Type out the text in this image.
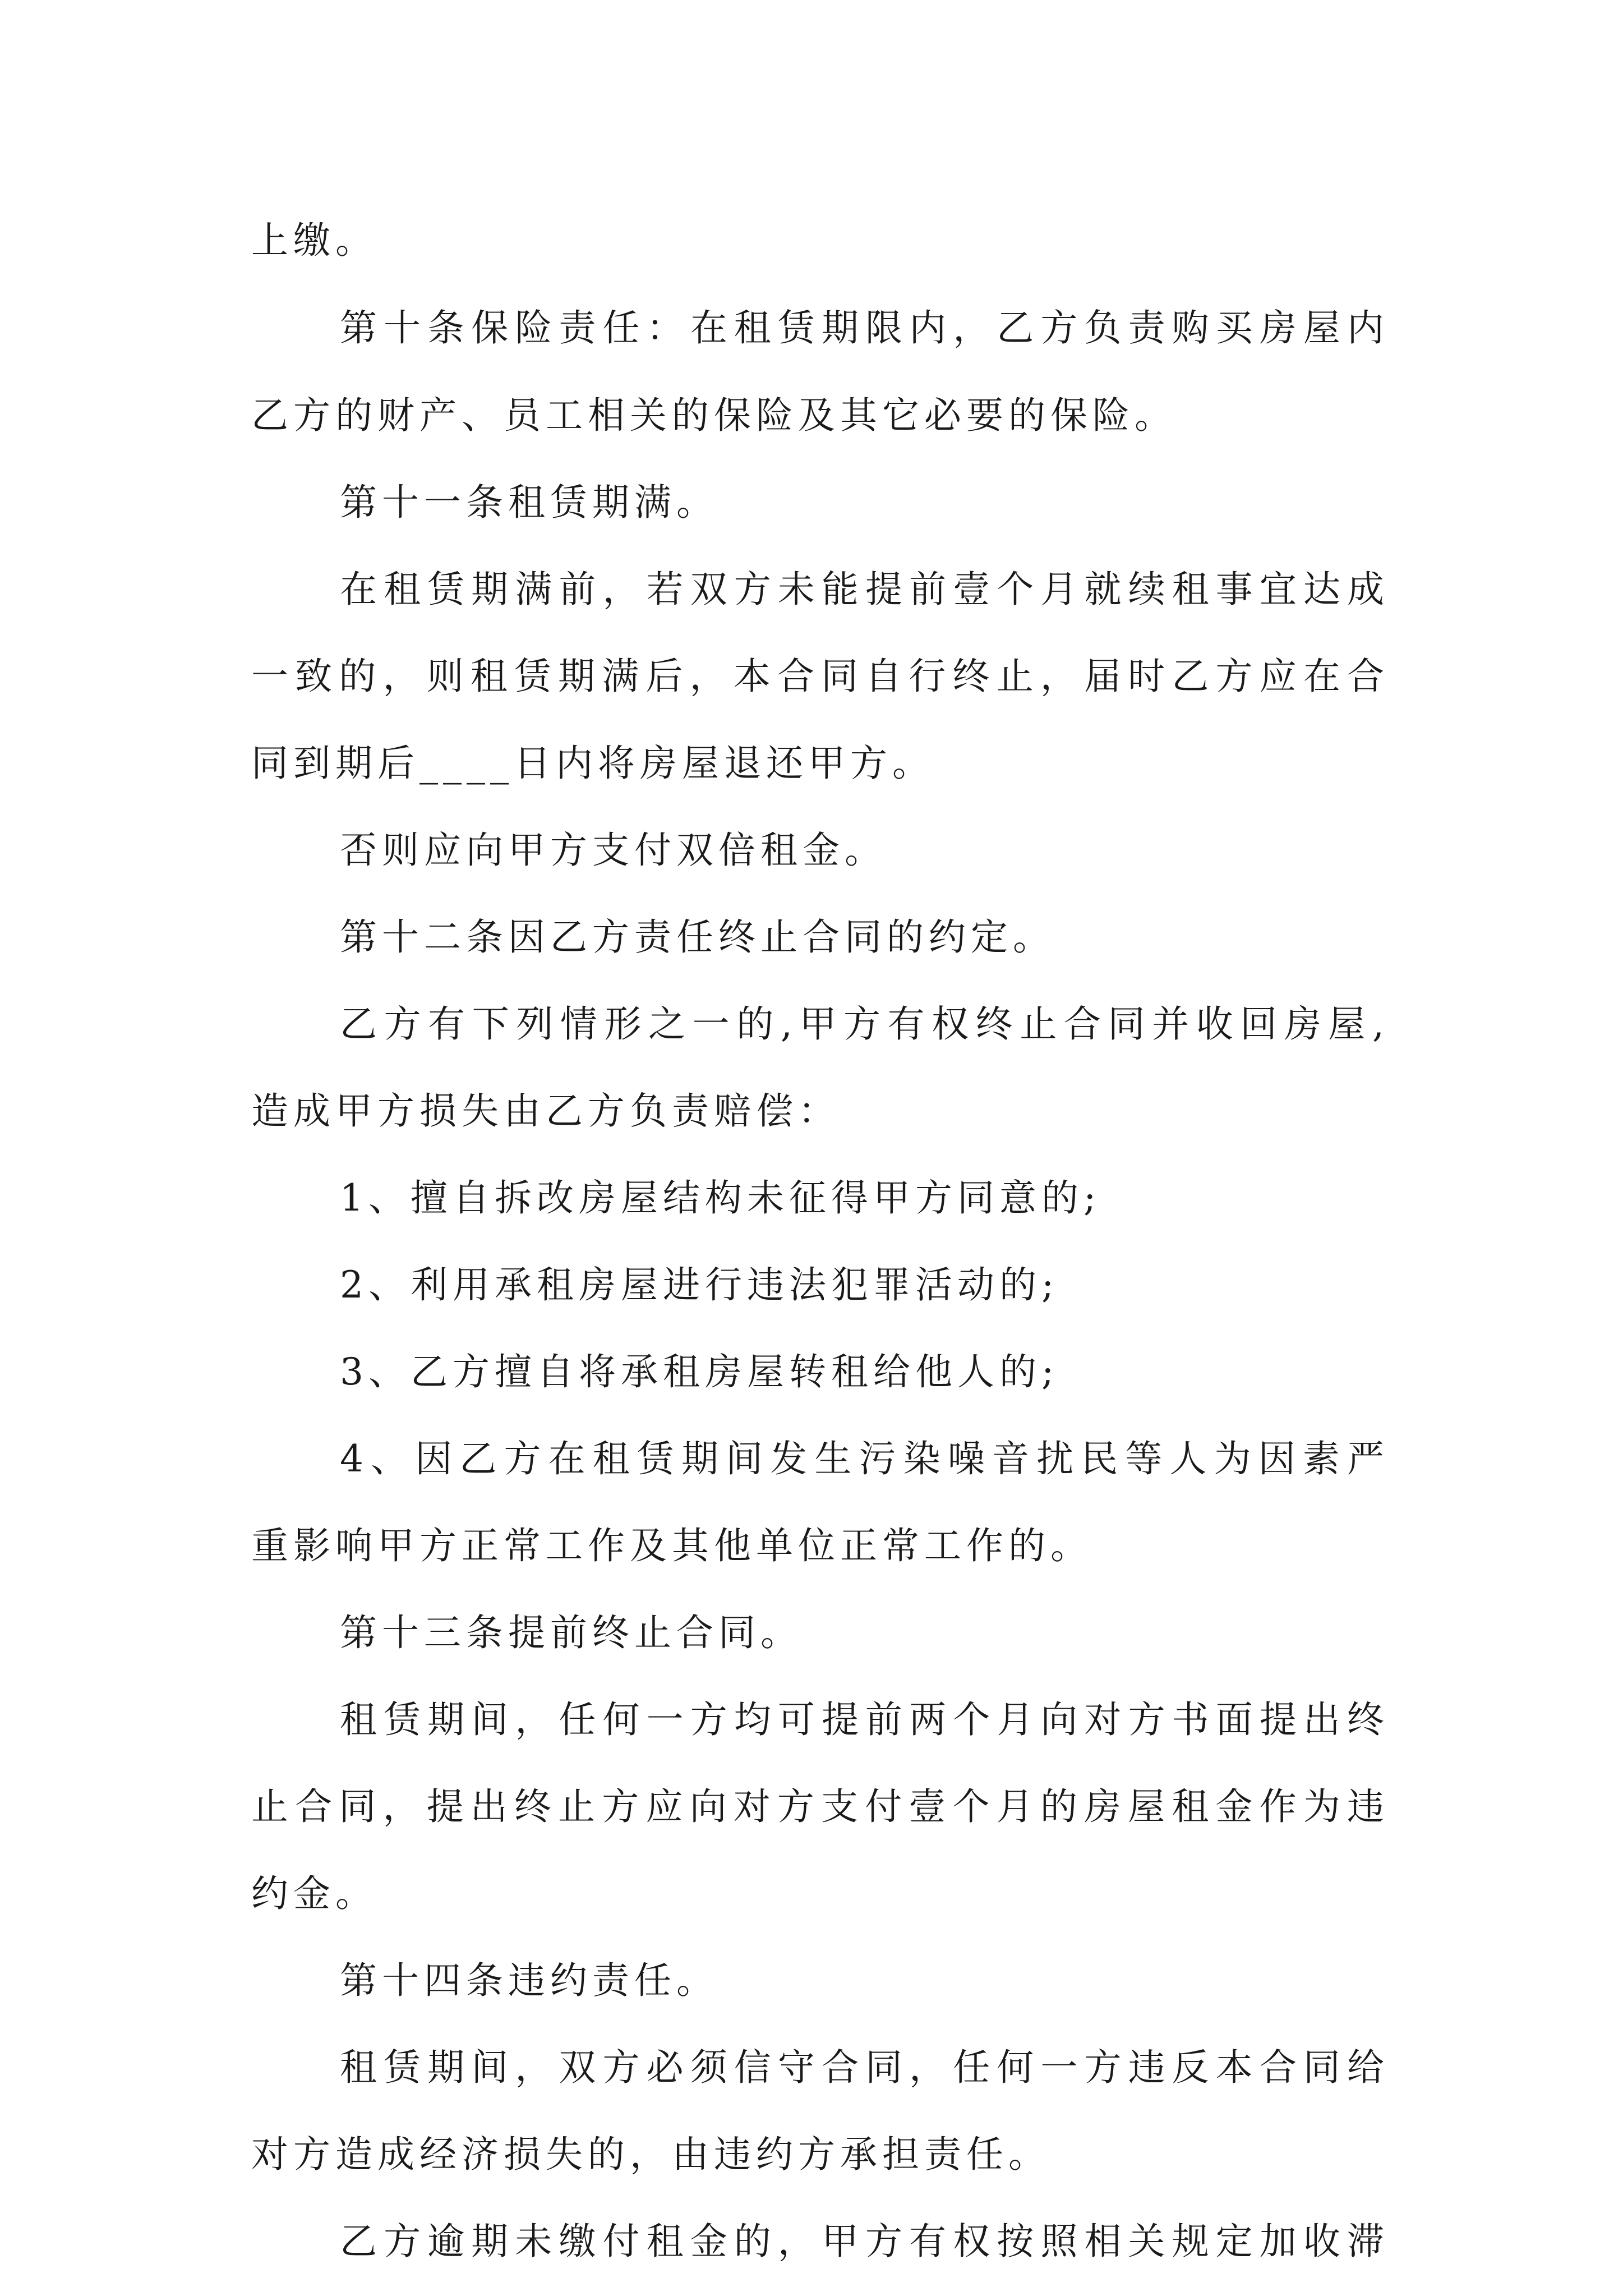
上缴。
第十条保险责任：在租赁期限内，乙方负责购买房屋内
乙方的财产、员工相关的保险及其它必要的保险。
第十一条租赁期满。
在租赁期满前，若双方未能提前壹个月就续租事宜达成
一致的，则租赁期满后，本合同自行终止，届时乙方应在合
同到期后____日内将房屋退还甲方。
否则应向甲方支付双倍租金。
第十二条因乙方责任终止合同的约定。
乙方有下列情形之一的,甲方有权终止合同并收回房屋,
造成甲方损失由乙方负责赔偿：
1、擅自拆改房屋结构未征得甲方同意的;
2、利用承租房屋进行违法犯罪活动的;
3、乙方擅自将承租房屋转租给他人的;
4、因乙方在租赁期间发生污染噪音扰民等人为因素严
重影响甲方正常工作及其他单位正常工作的。
第十三条提前终止合同。
租赁期间，任何一方均可提前两个月向对方书面提出终
止合同，提出终止方应向对方支付壹个月的房屋租金作为违
约金。
第十四条违约责任。
租赁期间，双方必须信守合同，任何一方违反本合同给
对方造成经济损失的，由违约方承担责任。
乙方逾期未缴付租金的，甲方有权按照相关规定加收滞
